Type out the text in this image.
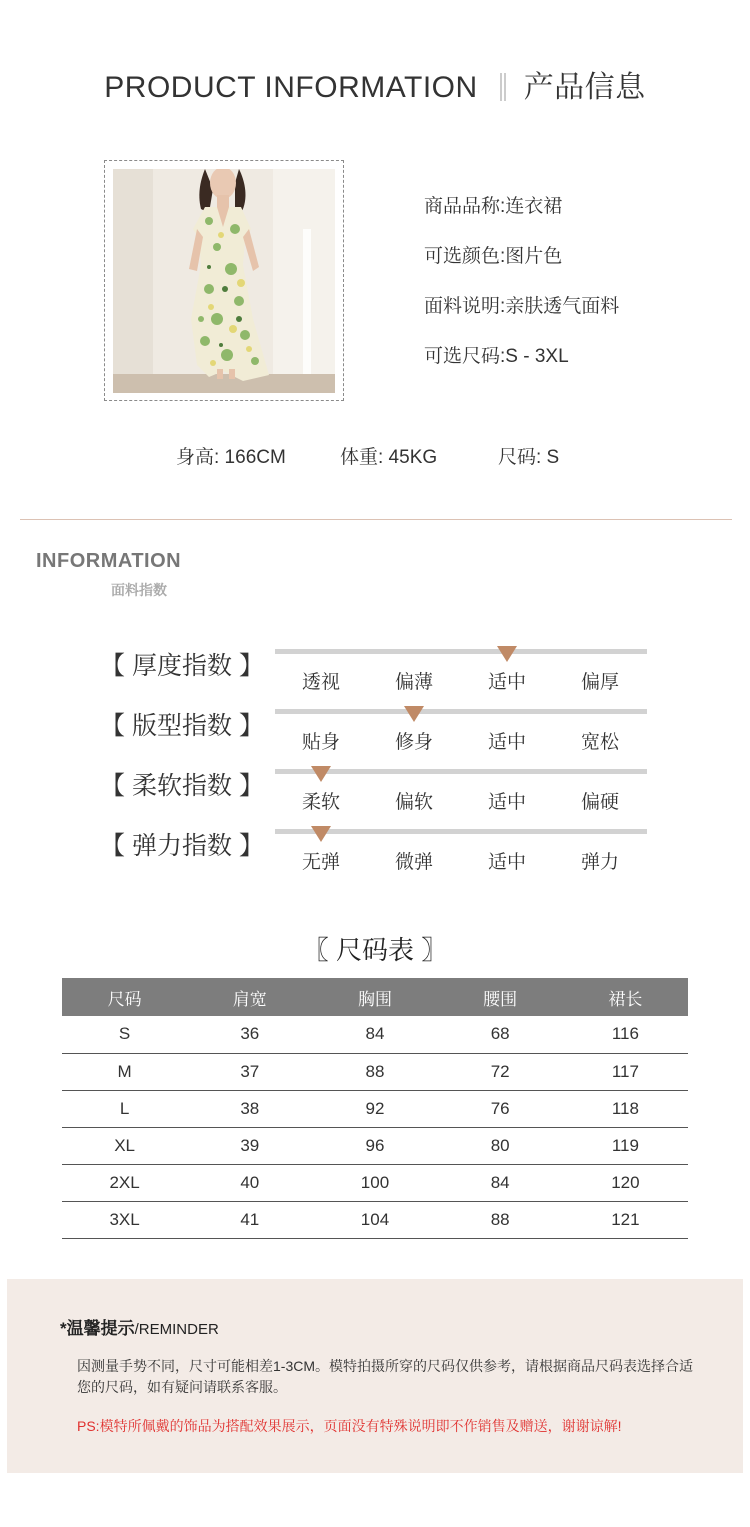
PRODUCT INFORMATION 产品信息
商品品称:连衣裙
可选颜色:图片色
面料说明:亲肤透气面料
可选尺码:S - 3XL
身高: 166CM	体重: 45KG	尺码: S
INFORMATION
面料指数
【 厚度指数 】
透视	偏薄	适中	偏厚
【 版型指数 】
贴身	修身	适中	宽松
【 柔软指数 】
柔软	偏软	适中	偏硬
【 弹力指数 】
无弹	微弹	适中	弹力
〖 尺码表 〗
尺码	肩宽	胸围	腰围	裙长
S	36	84	68	116
M	37	88	72	117
L	38	92	76	118
XL	39	96	80	119
2XL	40	100	84	120
3XL	41	104	88	121
*温馨提示/REMINDER
因测量手势不同，尺寸可能相差1-3CM。模特拍摄所穿的尺码仅供参考，请根据商品尺码表选择合适您的尺码，如有疑问请联系客服。
PS:模特所佩戴的饰品为搭配效果展示，页面没有特殊说明即不作销售及赠送，谢谢谅解!
